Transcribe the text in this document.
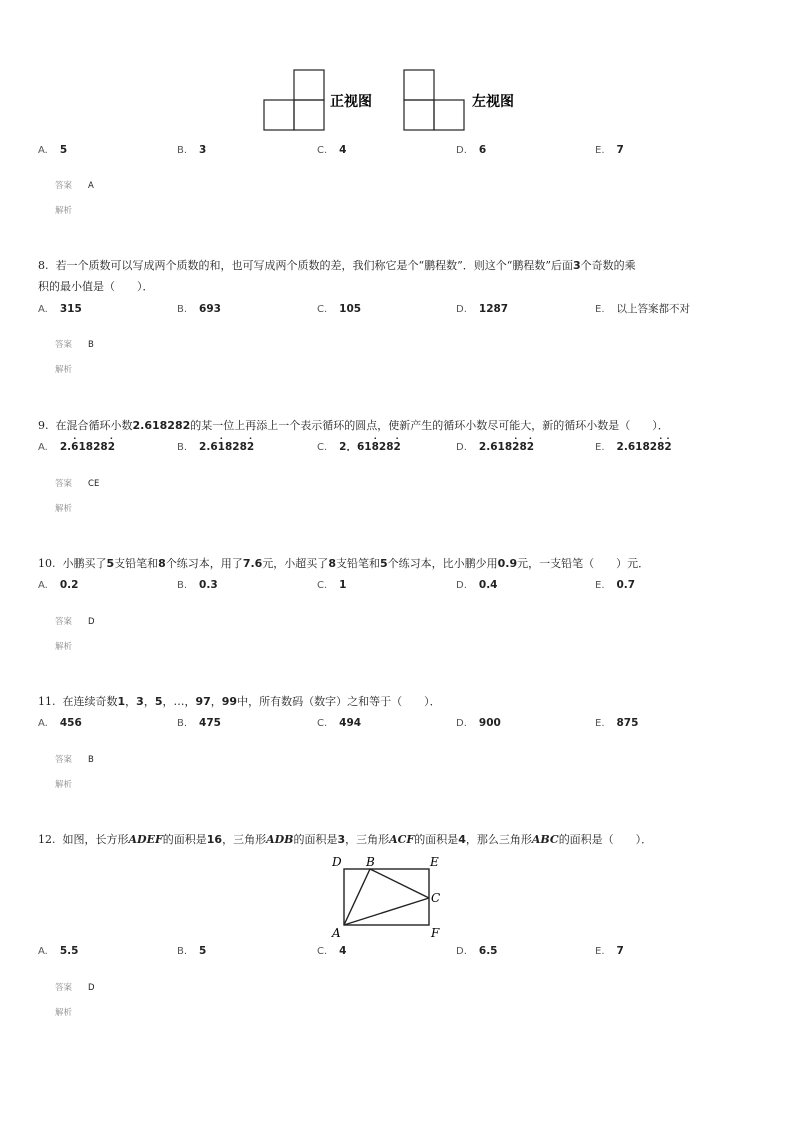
正视图	左视图
A. 5	B. 3	C. 4	D. 6	E. 7
答案 A
解析
8. 若一个质数可以写成两个质数的和，也可写成两个质数的差，我们称它是个“鹏程数”．则这个“鹏程数”后面3个奇数的乘
积的最小值是（　　）．
A. 315	B. 693	C. 105	D. 1287	E. 以上答案都不对
答案 B
解析
9. 在混合循环小数2.618282的某一位上再添上一个表示循环的圆点，使新产生的循环小数尽可能大，新的循环小数是（　　）．
A. 2.6
·
18282
·
B. 2.61
·
8282
·
C. 2．618
·
282
·
D. 2.6182
·
82
·
E. 2.61828
·
2
·
答案 CE
解析
10. 小鹏买了5支铅笔和8个练习本，用了7.6元，小超买了8支铅笔和5个练习本，比小鹏少用0.9元，一支铅笔（　　）元．
A. 0.2	B. 0.3	C. 1	D. 0.4	E. 0.7
答案 D
解析
11. 在连续奇数1，3，5，…，97，99中，所有数码（数字）之和等于（　　）．
A. 456	B. 475	C. 494	D. 900	E. 875
答案 B
解析
12. 如图，长方形ADEF的面积是16，三角形ADB的面积是3，三角形ACF的面积是4，那么三角形ABC的面积是（　　）．
D B	E
C
A	F
A. 5.5	B. 5	C. 4	D. 6.5	E. 7
答案 D
解析
